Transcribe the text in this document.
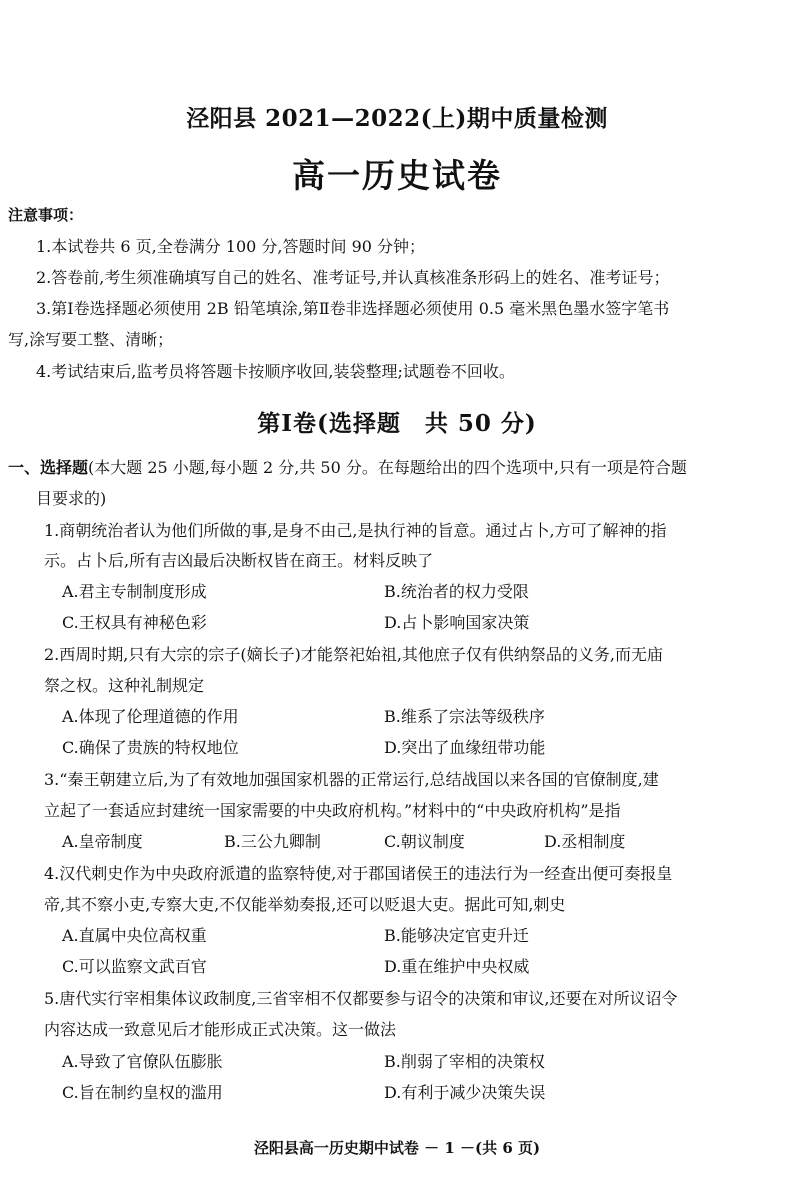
泾阳县 2021—2022(上)期中质量检测
高一历史试卷
注意事项：
1.本试卷共 6 页,全卷满分 100 分,答题时间 90 分钟；
2.答卷前,考生须准确填写自己的姓名、准考证号,并认真核准条形码上的姓名、准考证号；
3.第Ⅰ卷选择题必须使用 2B 铅笔填涂,第Ⅱ卷非选择题必须使用 0.5 毫米黑色墨水签字笔书
写,涂写要工整、清晰；
4.考试结束后,监考员将答题卡按顺序收回,装袋整理;试题卷不回收。
第Ⅰ卷(选择题　共 50 分)
一、选择题(本大题 25 小题,每小题 2 分,共 50 分。在每题给出的四个选项中,只有一项是符合题
目要求的)
1.商朝统治者认为他们所做的事,是身不由己,是执行神的旨意。通过占卜,方可了解神的指
示。占卜后,所有吉凶最后决断权皆在商王。材料反映了
A.君主专制制度形成	B.统治者的权力受限
C.王权具有神秘色彩	D.占卜影响国家决策
2.西周时期,只有大宗的宗子(嫡长子)才能祭祀始祖,其他庶子仅有供纳祭品的义务,而无庙
祭之权。这种礼制规定
A.体现了伦理道德的作用	B.维系了宗法等级秩序
C.确保了贵族的特权地位	D.突出了血缘纽带功能
3.“秦王朝建立后,为了有效地加强国家机器的正常运行,总结战国以来各国的官僚制度,建
立起了一套适应封建统一国家需要的中央政府机构。”材料中的“中央政府机构”是指
A.皇帝制度	B.三公九卿制	C.朝议制度	D.丞相制度
4.汉代刺史作为中央政府派遣的监察特使,对于郡国诸侯王的违法行为一经查出便可奏报皇
帝,其不察小吏,专察大吏,不仅能举劾奏报,还可以贬退大吏。据此可知,刺史
A.直属中央位高权重	B.能够决定官吏升迁
C.可以监察文武百官	D.重在维护中央权威
5.唐代实行宰相集体议政制度,三省宰相不仅都要参与诏令的决策和审议,还要在对所议诏令
内容达成一致意见后才能形成正式决策。这一做法
A.导致了官僚队伍膨胀	B.削弱了宰相的决策权
C.旨在制约皇权的滥用	D.有利于减少决策失误
泾阳县高一历史期中试卷 － 1 －(共 6 页)
